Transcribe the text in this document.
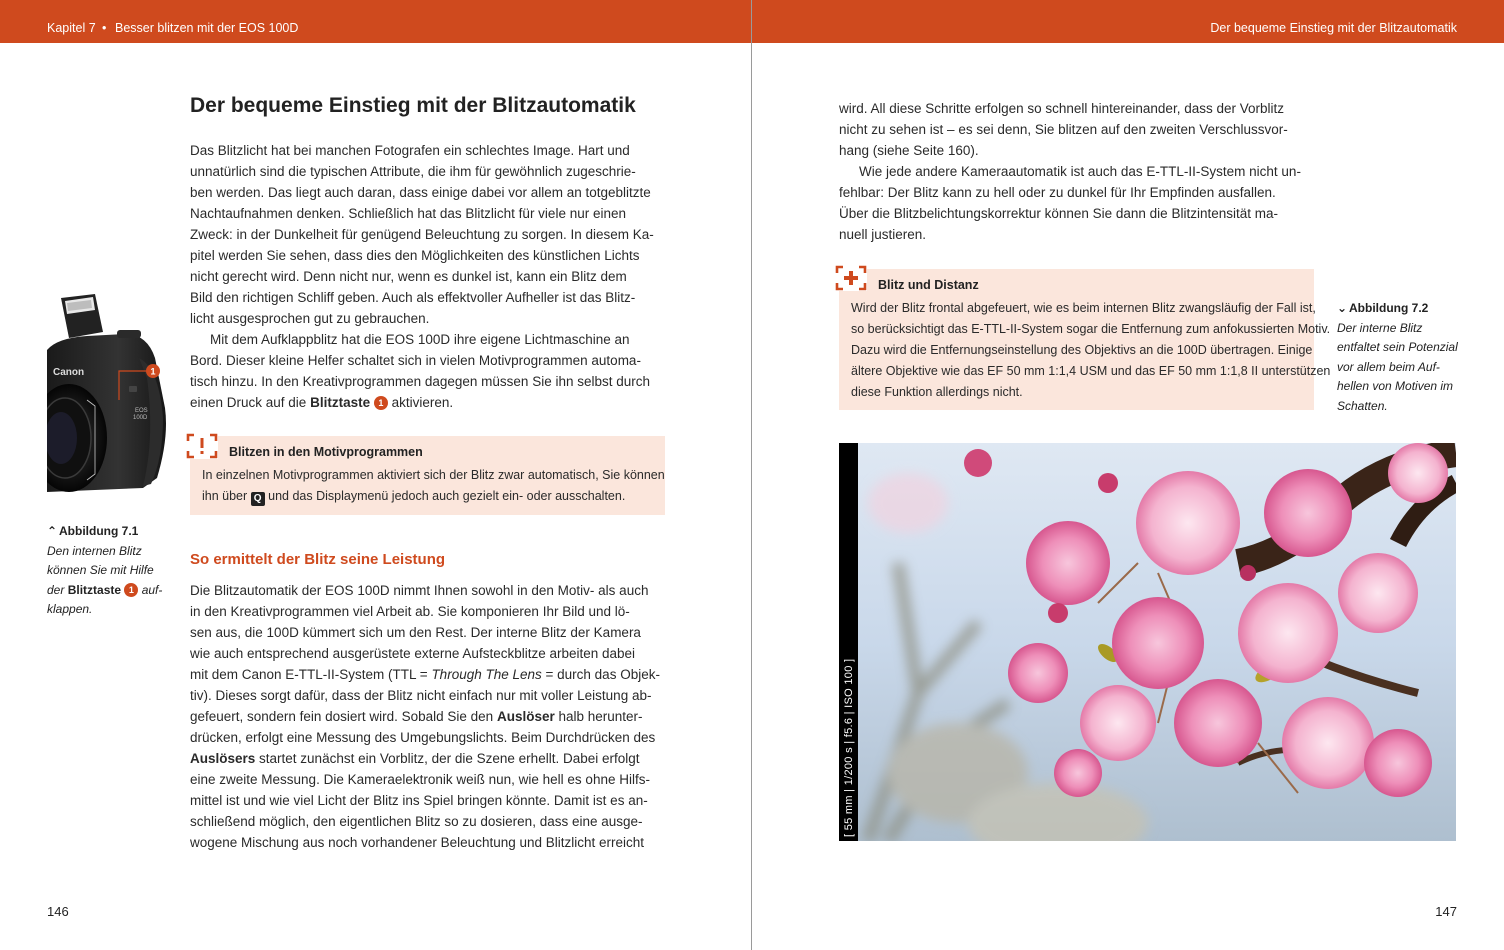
Kapitel 7 • Besser blitzen mit der EOS 100D
Der bequeme Einstieg mit der Blitzautomatik

Das Blitzlicht hat bei manchen Fotografen ein schlechtes Image. Hart und

unnatürlich sind die typischen Attribute, die ihm für gewöhnlich zugeschrie-

ben werden. Das liegt auch daran, dass einige dabei vor allem an totgeblitzte

Nachtaufnahmen denken. Schließlich hat das Blitzlicht für viele nur einen

Zweck: in der Dunkelheit für genügend Beleuchtung zu sorgen. In diesem Ka-

pitel werden Sie sehen, dass dies den Möglichkeiten des künstlichen Lichts

nicht gerecht wird. Denn nicht nur, wenn es dunkel ist, kann ein Blitz dem

Bild den richtigen Schliff geben. Auch als effektvoller Aufheller ist das Blitz-

licht ausgesprochen gut zu gebrauchen.

Mit dem Aufklappblitz hat die EOS 100D ihre eigene Lichtmaschine an

Bord. Dieser kleine Helfer schaltet sich in vielen Motivprogrammen automa-

tisch hinzu. In den Kreativprogrammen dagegen müssen Sie ihn selbst durch

einen Druck auf die Blitztaste 1 aktivieren.

Blitzen in den Motivprogrammen

In einzelnen Motivprogrammen aktiviert sich der Blitz zwar automatisch, Sie können

ihn über Q und das Displaymenü jedoch auch gezielt ein- oder ausschalten.

So ermittelt der Blitz seine Leistung

Die Blitzautomatik der EOS 100D nimmt Ihnen sowohl in den Motiv- als auch

in den Kreativprogrammen viel Arbeit ab. Sie komponieren Ihr Bild und lö-

sen aus, die 100D kümmert sich um den Rest. Der interne Blitz der Kamera

wie auch entsprechend ausgerüstete externe Aufsteckblitze arbeiten dabei

mit dem Canon E-TTL-II-System (TTL = Through The Lens = durch das Objek-

tiv). Dieses sorgt dafür, dass der Blitz nicht einfach nur mit voller Leistung ab-

gefeuert, sondern fein dosiert wird. Sobald Sie den Auslöser halb herunter-

drücken, erfolgt eine Messung des Umgebungslichts. Beim Durchdrücken des

Auslösers startet zunächst ein Vorblitz, der die Szene erhellt. Dabei erfolgt

eine zweite Messung. Die Kameraelektronik weiß nun, wie hell es ohne Hilfs-

mittel ist und wie viel Licht der Blitz ins Spiel bringen könnte. Damit ist es an-

schließend möglich, den eigentlichen Blitz so zu dosieren, dass eine ausge-

wogene Mischung aus noch vorhandener Beleuchtung und Blitzlicht erreicht

Canon
EOS
100D
1
⌃ Abbildung 7.1

Den internen Blitz

können Sie mit Hilfe

der Blitztaste 1 auf-

klappen.

146
Der bequeme Einstieg mit der Blitzautomatik

wird. All diese Schritte erfolgen so schnell hintereinander, dass der Vorblitz

nicht zu sehen ist – es sei denn, Sie blitzen auf den zweiten Verschlussvor-

hang (siehe Seite 160).

Wie jede andere Kameraautomatik ist auch das E-TTL-II-System nicht un-

fehlbar: Der Blitz kann zu hell oder zu dunkel für Ihr Empfinden ausfallen.

Über die Blitzbelichtungskorrektur können Sie dann die Blitzintensität ma-

nuell justieren.

Blitz und Distanz

Wird der Blitz frontal abgefeuert, wie es beim internen Blitz zwangsläufig der Fall ist,

so berücksichtigt das E-TTL-II-System sogar die Entfernung zum anfokussierten Motiv.

Dazu wird die Entfernungseinstellung des Objektivs an die 100D übertragen. Einige

ältere Objektive wie das EF 50 mm 1:1,4 USM und das EF 50 mm 1:1,8 II unterstützen

diese Funktion allerdings nicht.

⌄ Abbildung 7.2

Der interne Blitz

entfaltet sein Potenzial

vor allem beim Auf-

hellen von Motiven im

Schatten.

147
[ 55 mm | 1/200 s | f5.6 | ISO 100 ]
